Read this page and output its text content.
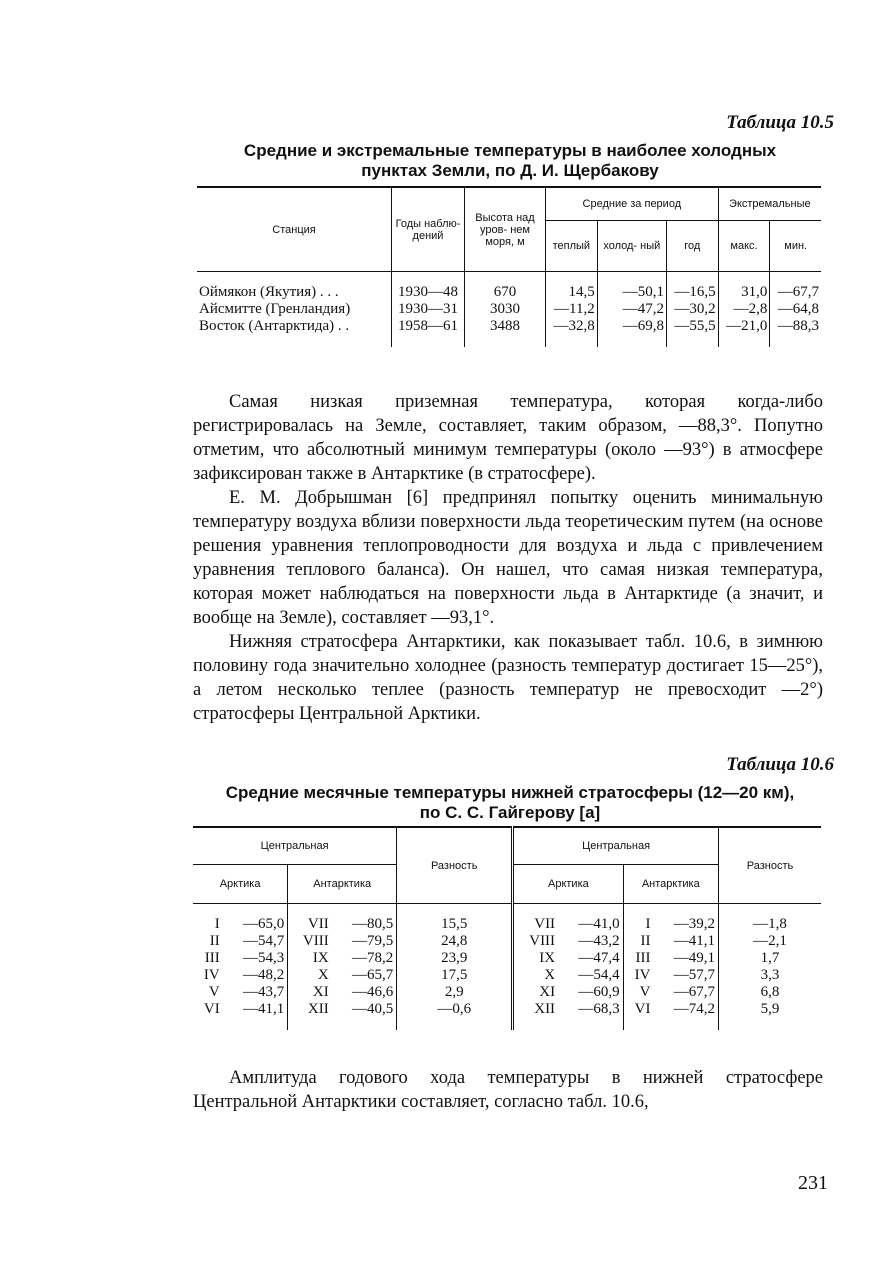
Таблица 10.5
Средние и экстремальные температуры в наиболее холодных
пунктах Земли, по Д. И. Щербакову
Станция	Годы наблю- дений	Высота над уров- нем моря, м	Средние за период			Экстремальные	
			теплый	холод- ный	год	макс.	мин.

Оймякон (Якутия) . . .	1930—48	670	14,5	—50,1	—16,5	31,0	—67,7
Айсмитте (Гренландия)	1930—31	3030	—11,2	—47,2	—30,2	—2,8	—64,8
Восток (Антарктида) . .	1958—61	3488	—32,8	—69,8	—55,5	—21,0	—88,3

Самая низкая приземная температура, которая когда-либо регистрировалась на Земле, составляет, таким образом, —88,3°. Попутно отметим, что абсолютный минимум температуры (около —93°) в атмосфере зафиксирован также в Антарктике (в стратосфере).

Е. М. Добрышман [6] предпринял попытку оценить минимальную температуру воздуха вблизи поверхности льда теоретическим путем (на основе решения уравнения теплопроводности для воздуха и льда с привлечением уравнения теплового баланса). Он нашел, что самая низкая температура, которая может наблюдаться на поверхности льда в Антарктиде (а значит, и вообще на Земле), составляет —93,1°.

Нижняя стратосфера Антарктики, как показывает табл. 10.6, в зимнюю половину года значительно холоднее (разность температур достигает 15—25°), а летом несколько теплее (разность температур не превосходит —2°) стратосферы Центральной Арктики.

Таблица 10.6
Средние месячные температуры нижней стратосферы (12—20 км),
по С. С. Гайгерову [а]
Центральная				Разность	Центральная				Разность
Арктика		Антарктика			Арктика		Антарктика		

I	—65,0	VII	—80,5	15,5	VII	—41,0	I	—39,2	—1,8
II	—54,7	VIII	—79,5	24,8	VIII	—43,2	II	—41,1	—2,1
III	—54,3	IX	—78,2	23,9	IX	—47,4	III	—49,1	1,7
IV	—48,2	X	—65,7	17,5	X	—54,4	IV	—57,7	3,3
V	—43,7	XI	—46,6	2,9	XI	—60,9	V	—67,7	6,8
VI	—41,1	XII	—40,5	—0,6	XII	—68,3	VI	—74,2	5,9

Амплитуда годового хода температуры в нижней стратосфере Центральной Антарктики составляет, согласно табл. 10.6,

231
